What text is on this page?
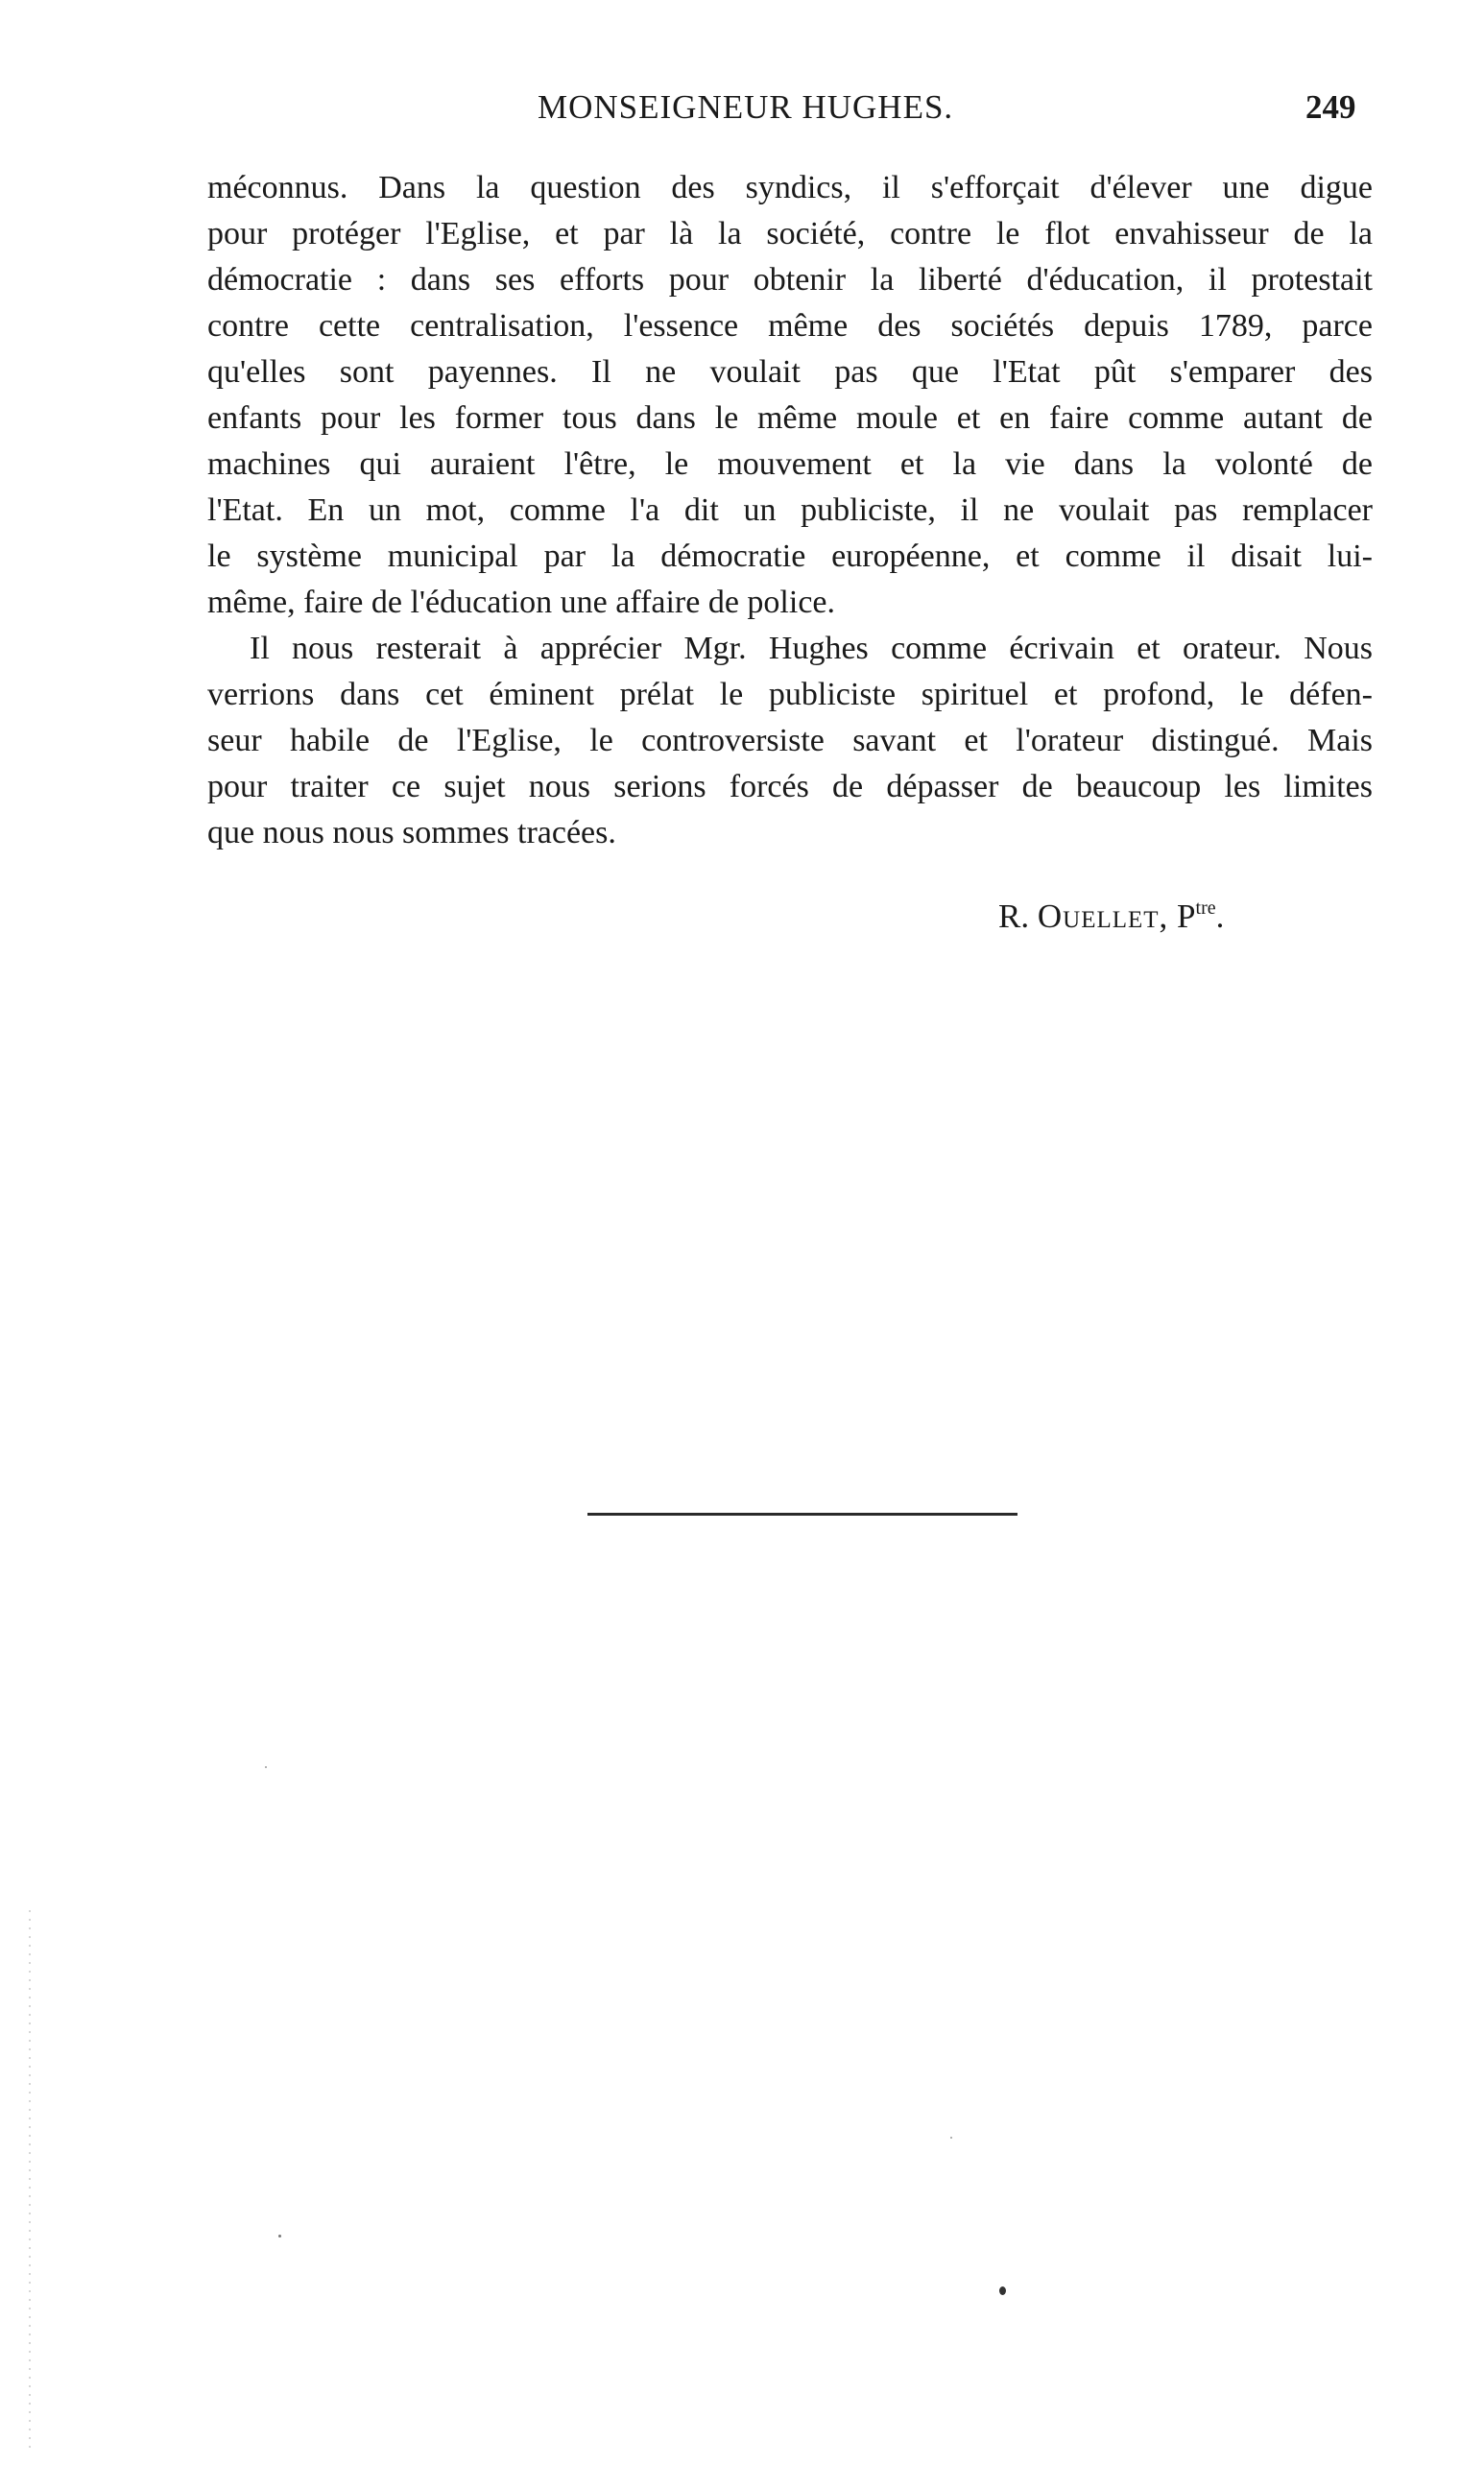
MONSEIGNEUR HUGHES.	249
méconnus. Dans la question des syndics, il s'efforçait d'élever une digue
pour protéger l'Eglise, et par là la société, contre le flot envahisseur de la
démocratie : dans ses efforts pour obtenir la liberté d'éducation, il protestait
contre cette centralisation, l'essence même des sociétés depuis 1789, parce
qu'elles sont payennes. Il ne voulait pas que l'Etat pût s'emparer des
enfants pour les former tous dans le même moule et en faire comme autant de
machines qui auraient l'être, le mouvement et la vie dans la volonté de
l'Etat. En un mot, comme l'a dit un publiciste, il ne voulait pas remplacer
le système municipal par la démocratie européenne, et comme il disait lui-
même, faire de l'éducation une affaire de police.
Il nous resterait à apprécier Mgr. Hughes comme écrivain et orateur. Nous
verrions dans cet éminent prélat le publiciste spirituel et profond, le défen-
seur habile de l'Eglise, le controversiste savant et l'orateur distingué. Mais
pour traiter ce sujet nous serions forcés de dépasser de beaucoup les limites
que nous nous sommes tracées.
R. Ouellet, $P^{tre}$.
